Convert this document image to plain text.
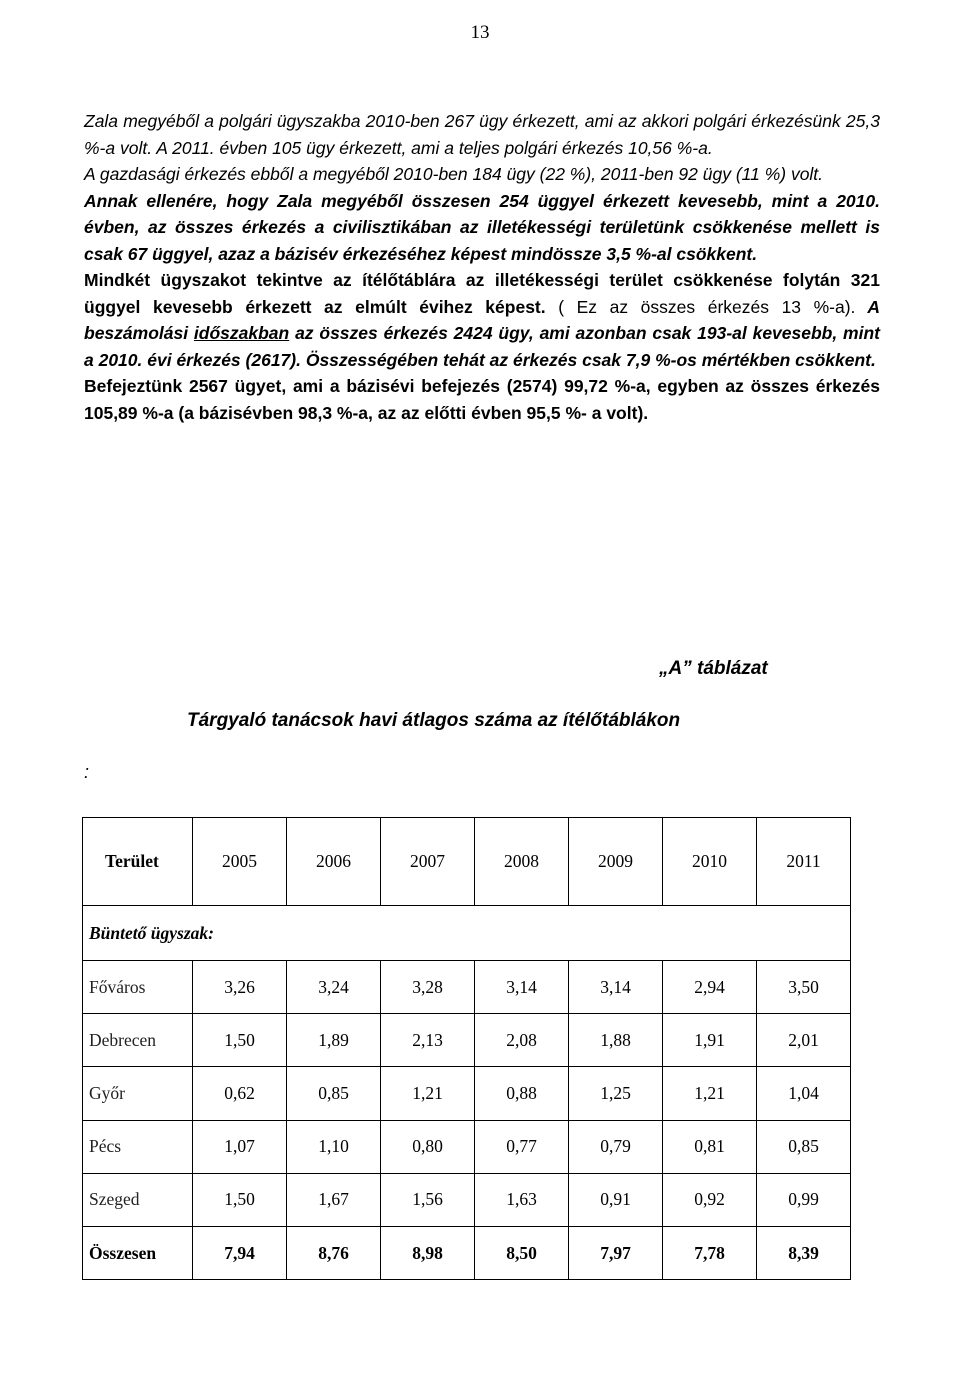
13

Zala megyéből a polgári ügyszakba 2010-ben 267 ügy érkezett, ami az akkori polgári érkezésünk 25,3 %-a volt. A 2011. évben 105 ügy érkezett, ami a teljes polgári érkezés 10,56 %-a.

A gazdasági érkezés ebből a megyéből 2010-ben 184 ügy (22 %), 2011-ben 92 ügy (11 %) volt.

Annak ellenére, hogy Zala megyéből összesen 254 üggyel érkezett kevesebb, mint a 2010. évben, az összes érkezés a civilisztikában az illetékességi területünk csökkenése mellett is csak 67 üggyel, azaz a bázisév érkezéséhez képest mindössze 3,5 %-al csökkent.

Mindkét ügyszakot tekintve az ítélőtáblára az illetékességi terület csökkenése folytán 321 üggyel kevesebb érkezett az elmúlt évihez képest. ( Ez az összes érkezés 13 %-a). A beszámolási időszakban az összes érkezés 2424 ügy, ami azonban csak 193-al kevesebb, mint a 2010. évi érkezés (2617). Összességében tehát az érkezés csak 7,9 %-os mértékben csökkent.

Befejeztünk 2567 ügyet, ami a bázisévi befejezés (2574) 99,72 %-a, egyben az összes érkezés 105,89 %-a (a bázisévben 98,3 %-a, az az előtti évben 95,5 %- a volt).

„A” táblázat
Tárgyaló tanácsok havi átlagos száma az ítélőtáblákon
:
Terület	2005	2006	2007	2008	2009	2010	2011
Büntető ügyszak:							
Főváros	3,26	3,24	3,28	3,14	3,14	2,94	3,50
Debrecen	1,50	1,89	2,13	2,08	1,88	1,91	2,01
Győr	0,62	0,85	1,21	0,88	1,25	1,21	1,04
Pécs	1,07	1,10	0,80	0,77	0,79	0,81	0,85
Szeged	1,50	1,67	1,56	1,63	0,91	0,92	0,99
Összesen	7,94	8,76	8,98	8,50	7,97	7,78	8,39
